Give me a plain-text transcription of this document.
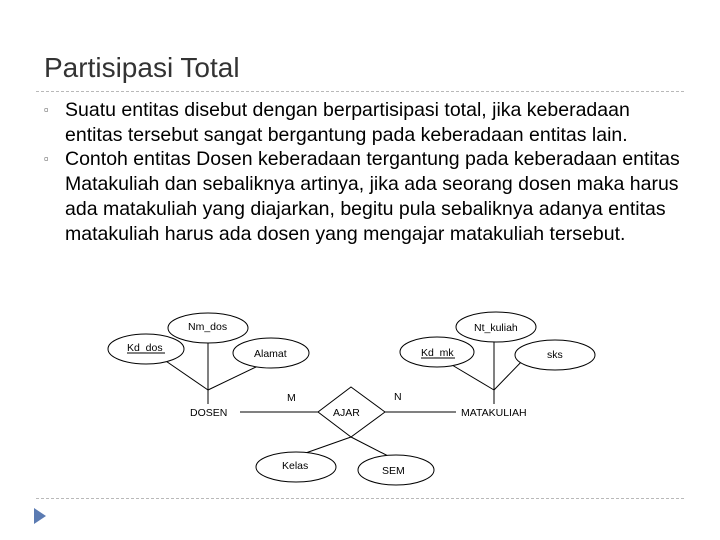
Partisipasi Total
▫ Suatu entitas disebut dengan berpartisipasi total, jika keberadaan entitas tersebut sangat bergantung pada keberadaan entitas lain.
▫ Contoh entitas Dosen keberadaan tergantung pada keberadaan entitas Matakuliah dan sebaliknya artinya, jika ada seorang dosen maka harus ada matakuliah yang diajarkan, begitu pula sebaliknya adanya entitas matakuliah harus ada dosen yang mengajar matakuliah tersebut.
Nm_dos
Kd_dos	Alamat
Nt_kuliah
Kd_mk	sks
Kelas	SEM
DOSEN	MATAKULIAH
AJAR
M	N
